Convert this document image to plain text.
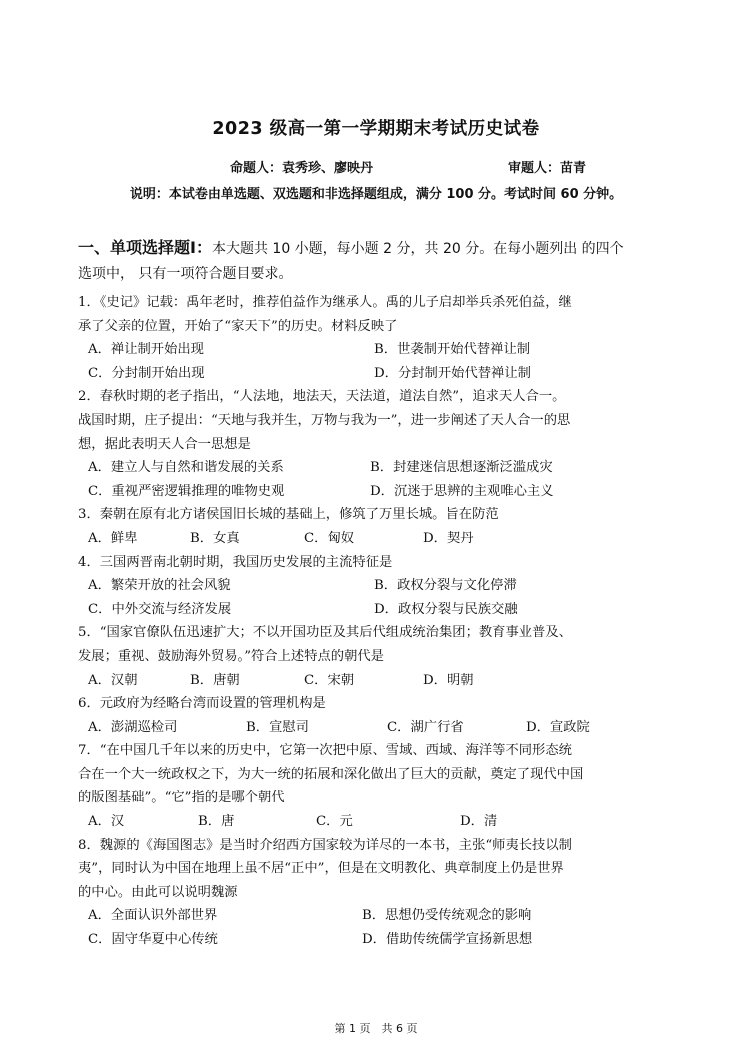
2023 级高一第一学期期末考试历史试卷
命题人：袁秀珍、廖映丹	审题人：苗青
说明：本试卷由单选题、双选题和非选择题组成，满分 100 分。考试时间 60 分钟。
一、单项选择题Ⅰ：本大题共 10 小题，每小题 2 分，共 20 分。在每小题列出 的四个
选项中， 只有一项符合题目要求。
1．《史记》记载：禹年老时，推荐伯益作为继承人。禹的儿子启却举兵杀死伯益，继
承了父亲的位置，开始了“家天下”的历史。材料反映了
A．禅让制开始出现	B．世袭制开始代替禅让制
C．分封制开始出现	D．分封制开始代替禅让制
2．春秋时期的老子指出，“人法地，地法天，天法道，道法自然”，追求天人合一。
战国时期，庄子提出：“天地与我并生，万物与我为一”，进一步阐述了天人合一的思
想，据此表明天人合一思想是
A．建立人与自然和谐发展的关系	B．封建迷信思想逐渐泛滥成灾
C．重视严密逻辑推理的唯物史观	D．沉迷于思辨的主观唯心主义
3．秦朝在原有北方诸侯国旧长城的基础上，修筑了万里长城。旨在防范
A．鲜卑	B．女真	C．匈奴	D．契丹
4．三国两晋南北朝时期，我国历史发展的主流特征是
A．繁荣开放的社会风貌	B．政权分裂与文化停滞
C．中外交流与经济发展	D．政权分裂与民族交融
5．“国家官僚队伍迅速扩大；不以开国功臣及其后代组成统治集团；教育事业普及、
发展；重视、鼓励海外贸易。”符合上述特点的朝代是
A．汉朝	B．唐朝	C．宋朝	D．明朝
6．元政府为经略台湾而设置的管理机构是
A．澎湖巡检司	B．宣慰司	C．湖广行省	D．宣政院
7．“在中国几千年以来的历史中，它第一次把中原、雪域、西域、海洋等不同形态统
合在一个大一统政权之下，为大一统的拓展和深化做出了巨大的贡献，奠定了现代中国
的版图基础”。“它”指的是哪个朝代
A．汉	B．唐	C．元	D．清
8．魏源的《海国图志》是当时介绍西方国家较为详尽的一本书，主张“师夷长技以制
夷”，同时认为中国在地理上虽不居“正中”，但是在文明教化、典章制度上仍是世界
的中心。由此可以说明魏源
A．全面认识外部世界	B．思想仍受传统观念的影响
C．固守华夏中心传统	D．借助传统儒学宣扬新思想
第 1 页　共 6 页
